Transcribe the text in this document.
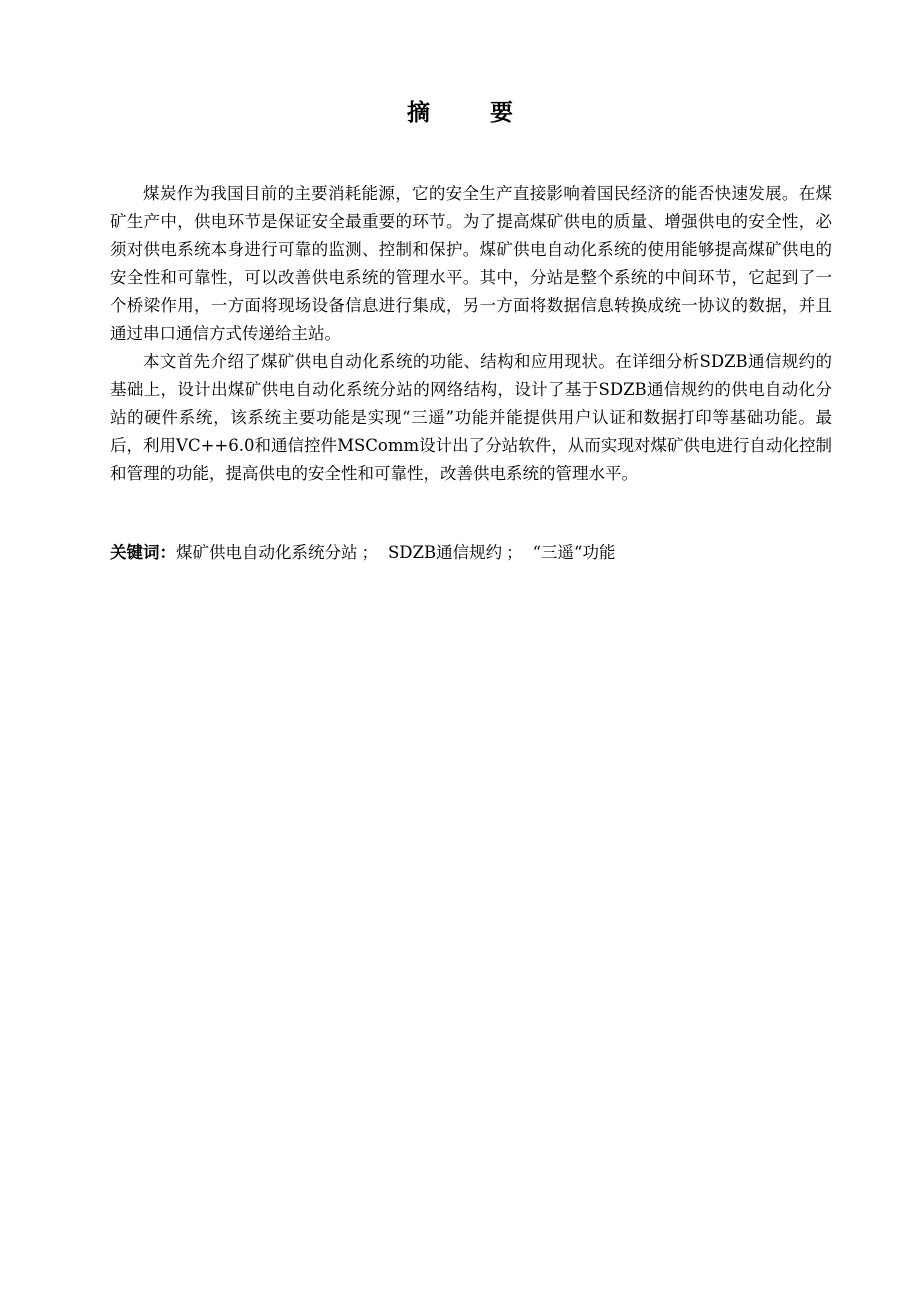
摘 要

煤炭作为我国目前的主要消耗能源，它的安全生产直接影响着国民经济的能否快速发展。在煤矿生产中，供电环节是保证安全最重要的环节。为了提高煤矿供电的质量、增强供电的安全性，必须对供电系统本身进行可靠的监测、控制和保护。煤矿供电自动化系统的使用能够提高煤矿供电的安全性和可靠性，可以改善供电系统的管理水平。其中，分站是整个系统的中间环节，它起到了一个桥梁作用，一方面将现场设备信息进行集成，另一方面将数据信息转换成统一协议的数据，并且通过串口通信方式传递给主站。

本文首先介绍了煤矿供电自动化系统的功能、结构和应用现状。在详细分析SDZB通信规约的基础上，设计出煤矿供电自动化系统分站的网络结构，设计了基于SDZB通信规约的供电自动化分站的硬件系统，该系统主要功能是实现“三遥”功能并能提供用户认证和数据打印等基础功能。最后，利用VC++6.0和通信控件MSComm设计出了分站软件，从而实现对煤矿供电进行自动化控制和管理的功能，提高供电的安全性和可靠性，改善供电系统的管理水平。

关键词：煤矿供电自动化系统分站 ； SDZB通信规约 ； “三遥“功能
